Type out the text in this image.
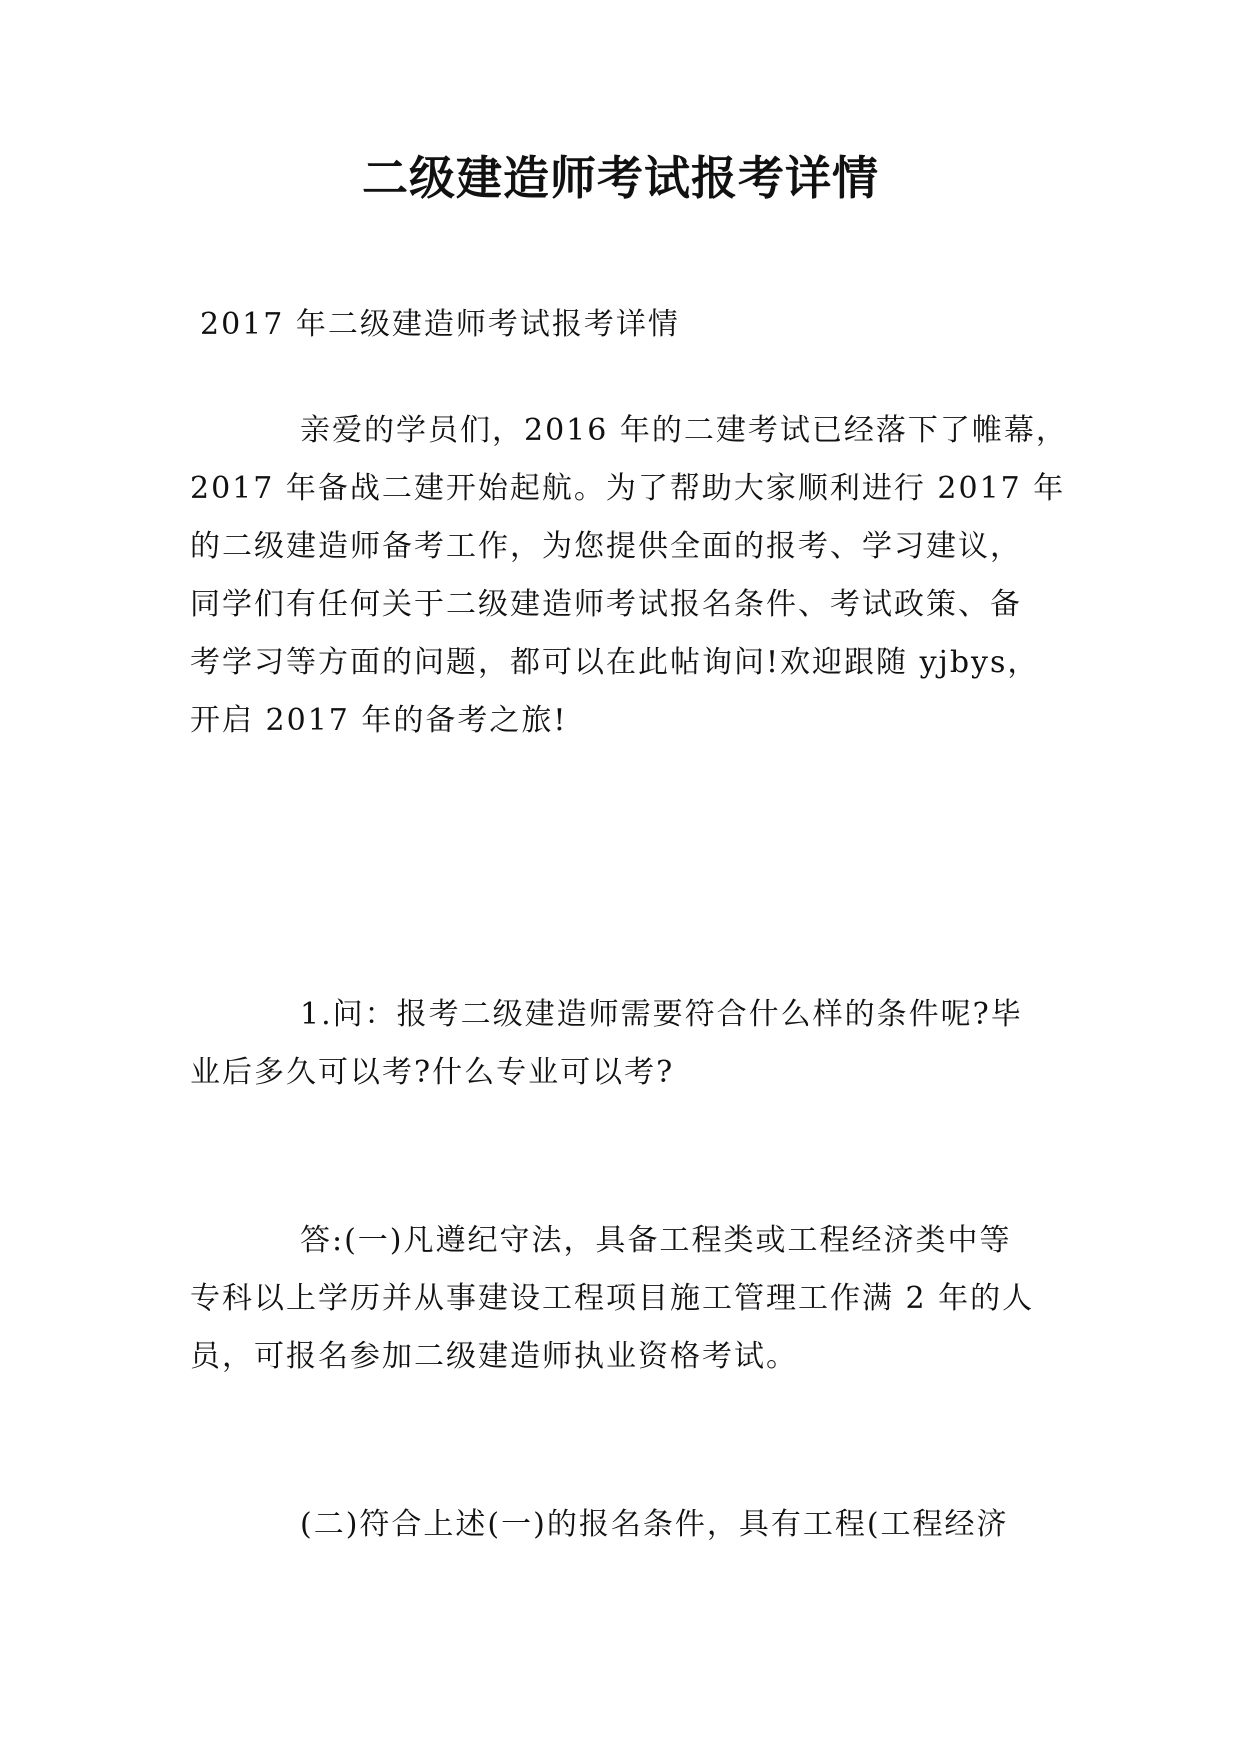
二级建造师考试报考详情

2017 年二级建造师考试报考详情

亲爱的学员们，2016 年的二建考试已经落下了帷幕，
2017 年备战二建开始起航。为了帮助大家顺利进行 2017 年
的二级建造师备考工作，为您提供全面的报考、学习建议，
同学们有任何关于二级建造师考试报名条件、考试政策、备
考学习等方面的问题，都可以在此帖询问!欢迎跟随 yjbys，
开启 2017 年的备考之旅!
1.问：报考二级建造师需要符合什么样的条件呢?毕
业后多久可以考?什么专业可以考?
答:(一)凡遵纪守法，具备工程类或工程经济类中等
专科以上学历并从事建设工程项目施工管理工作满 2 年的人
员，可报名参加二级建造师执业资格考试。
(二)符合上述(一)的报名条件，具有工程(工程经济
